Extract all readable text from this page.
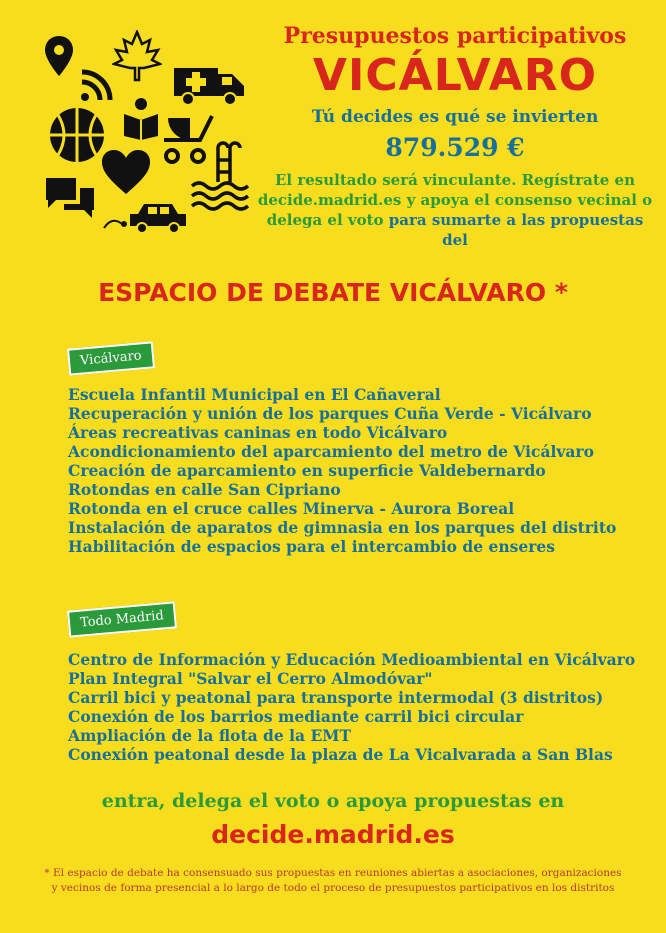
Presupuestos participativos
VICÁLVARO
Tú decides es qué se invierten
879.529 €
El resultado será vinculante. Regístrate en
decide.madrid.es y apoya el consenso vecinal o
delega el voto para sumarte a las propuestas del
ESPACIO DE DEBATE VICÁLVARO *
Vicálvaro
Escuela Infantil Municipal en El Cañaveral
Recuperación y unión de los parques Cuña Verde - Vicálvaro
Áreas recreativas caninas en todo Vicálvaro
Acondicionamiento del aparcamiento del metro de Vicálvaro
Creación de aparcamiento en superficie Valdebernardo
Rotondas en calle San Cipriano
Rotonda en el cruce calles Minerva - Aurora Boreal
Instalación de aparatos de gimnasia en los parques del distrito
Habilitación de espacios para el intercambio de enseres
Todo Madrid
Centro de Información y Educación Medioambiental en Vicálvaro
Plan Integral "Salvar el Cerro Almodóvar"
Carril bici y peatonal para transporte intermodal (3 distritos)
Conexión de los barrios mediante carril bici circular
Ampliación de la flota de la EMT
Conexión peatonal desde la plaza de La Vicalvarada a San Blas
entra, delega el voto o apoya propuestas en
decide.madrid.es
* El espacio de debate ha consensuado sus propuestas en reuniones abiertas a asociaciones, organizaciones
y vecinos de forma presencial a lo largo de todo el proceso de presupuestos participativos en los distritos
